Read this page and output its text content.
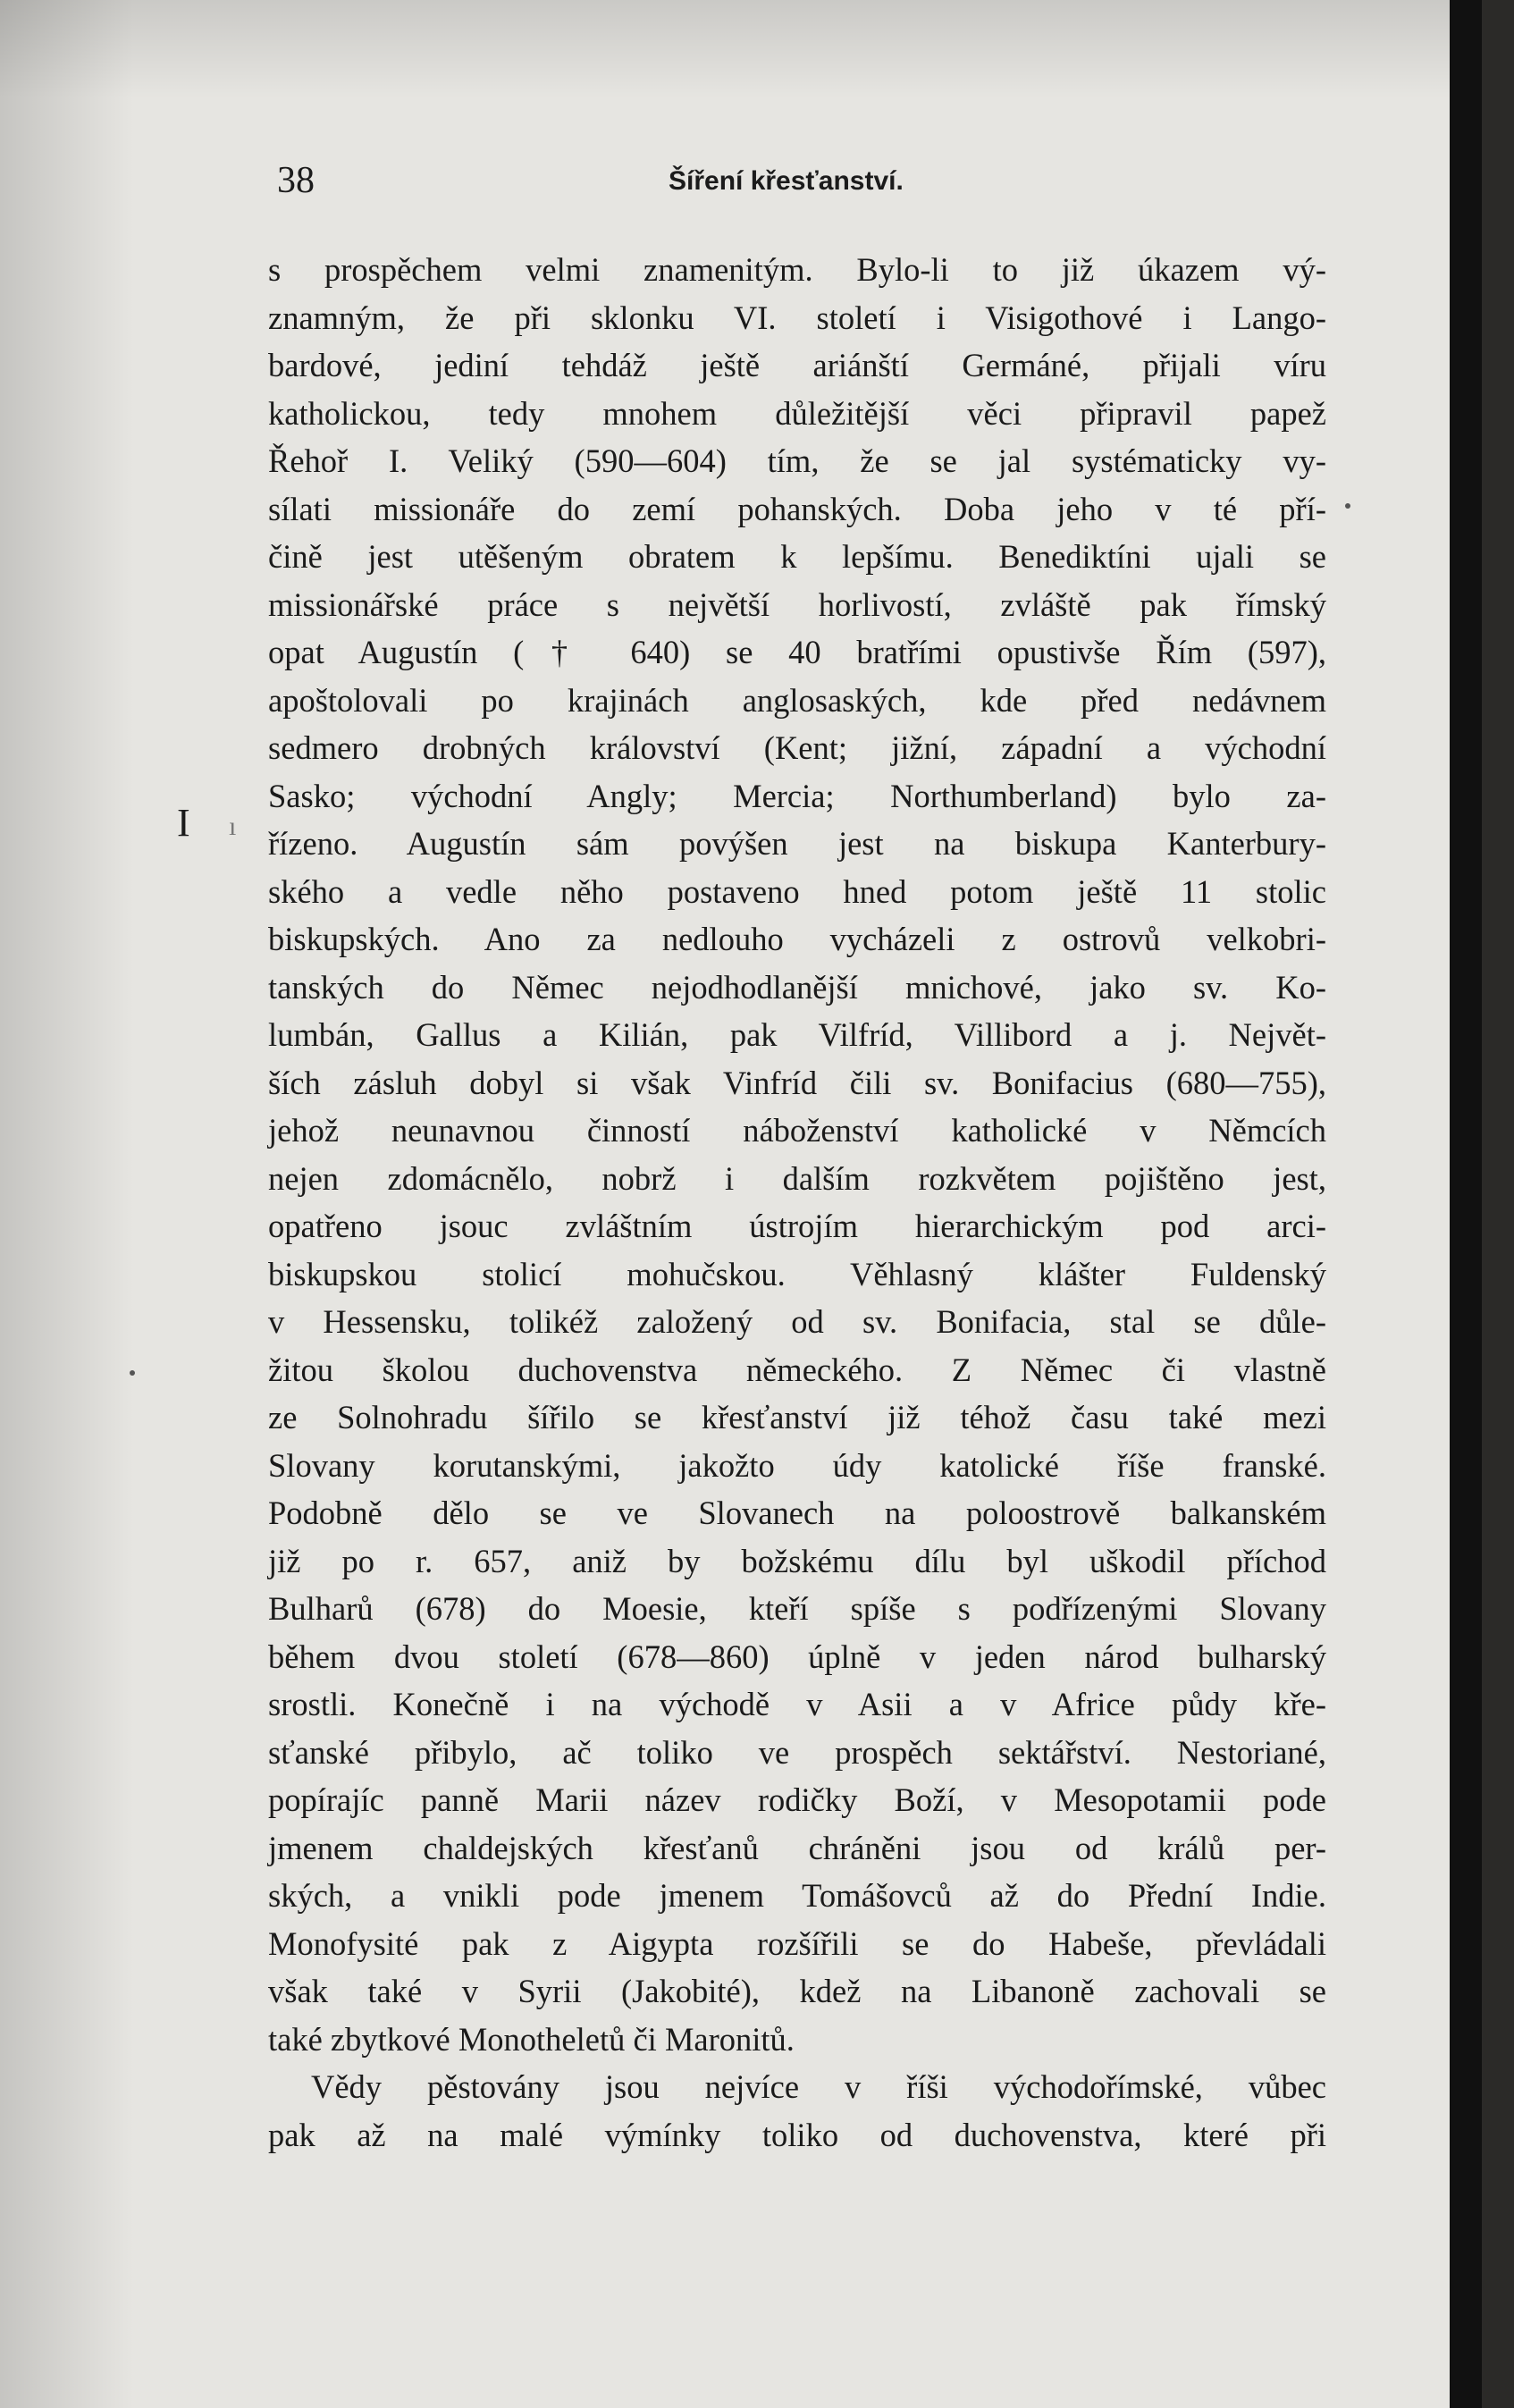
38	Šíření křesťanství.
I ı

s prospěchem velmi znamenitým. Bylo-li to již úkazem vý-
znamným, že při sklonku VI. století i Visigothové i Lango-
bardové, jediní tehdáž ještě ariánští Germáné, přijali víru
katholickou, tedy mnohem důležitější věci připravil papež
Řehoř I. Veliký (590—604) tím, že se jal systématicky vy-
sílati missionáře do zemí pohanských. Doba jeho v té pří-
čině jest utěšeným obratem k lepšímu. Benediktíni ujali se
missionářské práce s největší horlivostí, zvláště pak římský
opat Augustín († 640) se 40 bratřími opustivše Řím (597),
apoštolovali po krajinách anglosaských, kde před nedávnem
sedmero drobných království (Kent; jižní, západní a východní
Sasko; východní Angly; Mercia; Northumberland) bylo za-
řízeno. Augustín sám povýšen jest na biskupa Kanterbury-
ského a vedle něho postaveno hned potom ještě 11 stolic
biskupských. Ano za nedlouho vycházeli z ostrovů velkobri-
tanských do Němec nejodhodlanější mnichové, jako sv. Ko-
lumbán, Gallus a Kilián, pak Vilfríd, Villibord a j. Největ-
ších zásluh dobyl si však Vinfríd čili sv. Bonifacius (680—755),
jehož neunavnou činností náboženství katholické v Němcích
nejen zdomácnělo, nobrž i dalším rozkvětem pojištěno jest,
opatřeno jsouc zvláštním ústrojím hierarchickým pod arci-
biskupskou stolicí mohučskou. Věhlasný klášter Fuldenský
v Hessensku, tolikéž založený od sv. Bonifacia, stal se důle-
žitou školou duchovenstva německého. Z Němec či vlastně
ze Solnohradu šířilo se křesťanství již téhož času také mezi
Slovany korutanskými, jakožto údy katolické říše franské.
Podobně dělo se ve Slovanech na poloostrově balkanském
již po r. 657, aniž by božskému dílu byl uškodil příchod
Bulharů (678) do Moesie, kteří spíše s podřízenými Slovany
během dvou století (678—860) úplně v jeden národ bulharský
srostli. Konečně i na východě v Asii a v Africe půdy kře-
sťanské přibylo, ač toliko ve prospěch sektářství. Nestoriané,
popírajíc panně Marii název rodičky Boží, v Mesopotamii pode
jmenem chaldejských křesťanů chráněni jsou od králů per-
ských, a vnikli pode jmenem Tomášovců až do Přední Indie.
Monofysité pak z Aigypta rozšířili se do Habeše, převládali
však také v Syrii (Jakobité), kdež na Libanoně zachovali se
také zbytkové Monotheletů či Maronitů.

Vědy pěstovány jsou nejvíce v říši východořímské, vůbec
pak až na malé výmínky toliko od duchovenstva, které při
